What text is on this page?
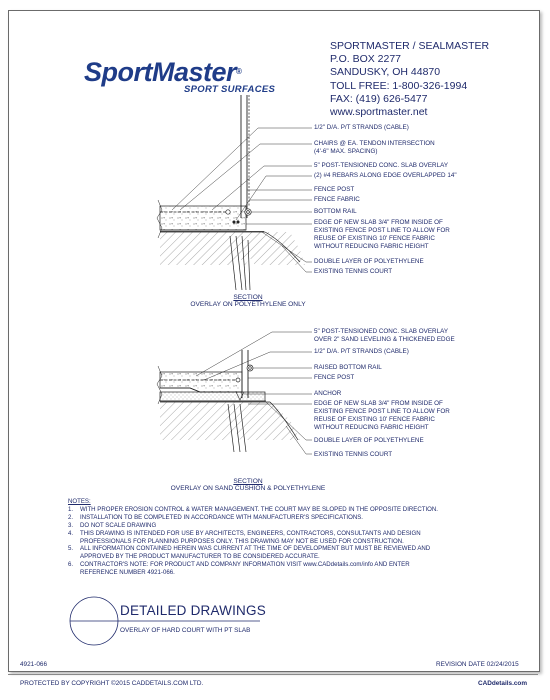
SportMaster®
SPORT SURFACES
SPORTMASTER / SEALMASTER
P.O. BOX 2277
SANDUSKY, OH 44870
TOLL FREE: 1-800-326-1994
FAX: (419) 626-5477
www.sportmaster.net
1/2" D/A. P/T STRANDS (CABLE)
CHAIRS @ EA. TENDON INTERSECTION
(4'-6" MAX. SPACING)
5" POST-TENSIONED CONC. SLAB OVERLAY
(2) #4 REBARS ALONG EDGE OVERLAPPED 14"
FENCE POST
FENCE FABRIC
BOTTOM RAIL
EDGE OF NEW SLAB 3/4" FROM INSIDE OF
EXISTING FENCE POST LINE TO ALLOW FOR
REUSE OF EXISTING 10' FENCE FABRIC
WITHOUT REDUCING FABRIC HEIGHT
DOUBLE LAYER OF POLYETHYLENE
EXISTING TENNIS COURT
SECTION
OVERLAY ON POLYETHYLENE ONLY
5" POST-TENSIONED CONC. SLAB OVERLAY
OVER 2" SAND LEVELING & THICKENED EDGE
1/2" D/A. P/T STRANDS (CABLE)
RAISED BOTTOM RAIL
FENCE POST
ANCHOR
EDGE OF NEW SLAB 3/4" FROM INSIDE OF
EXISTING FENCE POST LINE TO ALLOW FOR
REUSE OF EXISTING 10' FENCE FABRIC
WITHOUT REDUCING FABRIC HEIGHT
DOUBLE LAYER OF POLYETHYLENE
EXISTING TENNIS COURT
SECTION
OVERLAY ON SAND CUSHION & POLYETHYLENE
NOTES:
1.	WITH PROPER EROSION CONTROL & WATER MANAGEMENT. THE COURT MAY BE SLOPED IN THE OPPOSITE DIRECTION.
2.	INSTALLATION TO BE COMPLETED IN ACCORDANCE WITH MANUFACTURER'S SPECIFICATIONS.
3.	DO NOT SCALE DRAWING
4.	THIS DRAWING IS INTENDED FOR USE BY ARCHITECTS, ENGINEERS, CONTRACTORS, CONSULTANTS AND DESIGN
PROFESSIONALS FOR PLANNING PURPOSES ONLY. THIS DRAWING MAY NOT BE USED FOR CONSTRUCTION.
5.	ALL INFORMATION CONTAINED HEREIN WAS CURRENT AT THE TIME OF DEVELOPMENT BUT MUST BE REVIEWED AND
APPROVED BY THE PRODUCT MANUFACTURER TO BE CONSIDERED ACCURATE.
6.	CONTRACTOR'S NOTE: FOR PRODUCT AND COMPANY INFORMATION VISIT www.CADdetails.com/info AND ENTER
REFERENCE NUMBER 4921-066.
DETAILED DRAWINGS
OVERLAY OF HARD COURT WITH PT SLAB
4921-066	REVISION DATE 02/24/2015
PROTECTED BY COPYRIGHT ©2015 CADDETAILS.COM LTD.	CADdetails.com
